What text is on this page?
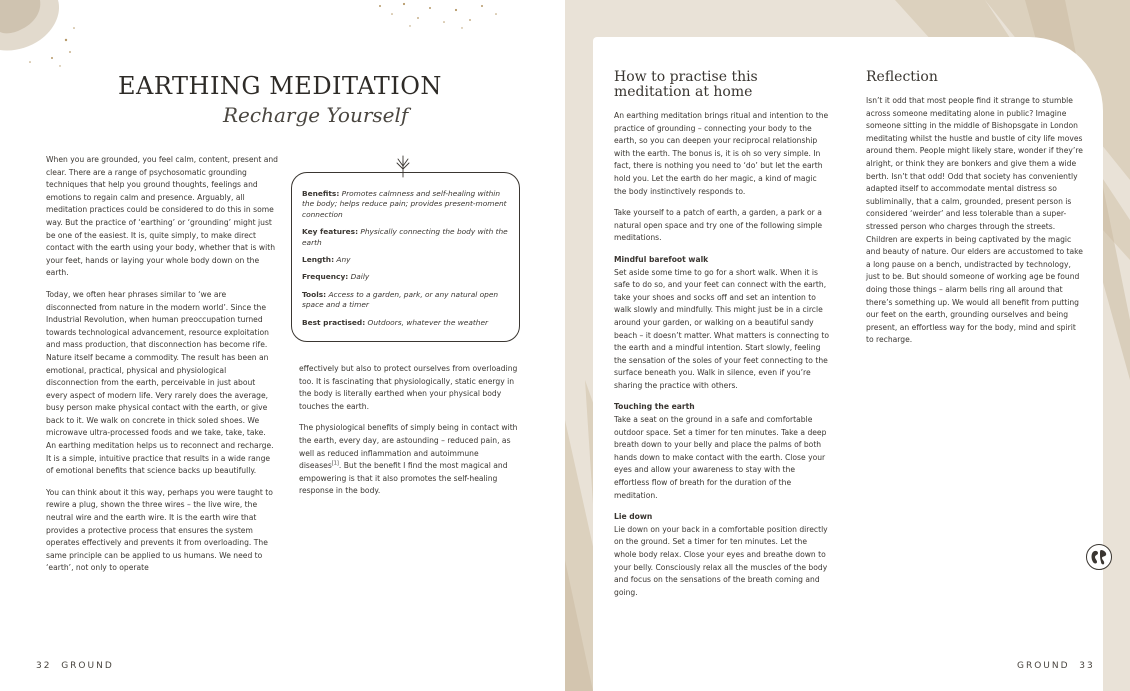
EARTHING MEDITATION
Recharge Yourself

When you are grounded, you feel calm, content, present and clear. There are a range of psychosomatic grounding techniques that help you ground thoughts, feelings and emotions to regain calm and presence. Arguably, all meditation practices could be considered to do this in some way. But the practice of ‘earthing’ or ‘grounding’ might just be one of the easiest. It is, quite simply, to make direct contact with the earth using your body, whether that is with your feet, hands or laying your whole body down on the earth.

Today, we often hear phrases similar to ‘we are disconnected from nature in the modern world’. Since the Industrial Revolution, when human preoccupation turned towards technological advancement, resource exploitation and mass production, that disconnection has become rife. Nature itself became a commodity. The result has been an emotional, practical, physical and physiological disconnection from the earth, perceivable in just about every aspect of modern life. Very rarely does the average, busy person make physical contact with the earth, or give back to it. We walk on concrete in thick soled shoes. We microwave ultra-processed foods and we take, take, take. An earthing meditation helps us to reconnect and recharge. It is a simple, intuitive practice that results in a wide range of emotional benefits that science backs up beautifully.

You can think about it this way, perhaps you were taught to rewire a plug, shown the three wires – the live wire, the neutral wire and the earth wire. It is the earth wire that provides a protective process that ensures the system operates effectively and prevents it from overloading. The same principle can be applied to us humans. We need to ‘earth’, not only to operate

Benefits: Promotes calmness and self-healing within the body; helps reduce pain; provides present-moment connection
Key features: Physically connecting the body with the earth
Length: Any
Frequency: Daily
Tools: Access to a garden, park, or any natural open space and a timer
Best practised: Outdoors, whatever the weather

effectively but also to protect ourselves from overloading too. It is fascinating that physiologically, static energy in the body is literally earthed when your physical body touches the earth.

The physiological benefits of simply being in contact with the earth, every day, are astounding – reduced pain, as well as reduced inflammation and autoimmune diseases[1]. But the benefit I find the most magical and empowering is that it also promotes the self-healing response in the body.

32 GROUND
How to practise this meditation at home

An earthing meditation brings ritual and intention to the practice of grounding – connecting your body to the earth, so you can deepen your reciprocal relationship with the earth. The bonus is, it is oh so very simple. In fact, there is nothing you need to ‘do’ but let the earth hold you. Let the earth do her magic, a kind of magic the body instinctively responds to.

Take yourself to a patch of earth, a garden, a park or a natural open space and try one of the following simple meditations.

Mindful barefoot walk
Set aside some time to go for a short walk. When it is safe to do so, and your feet can connect with the earth, take your shoes and socks off and set an intention to walk slowly and mindfully. This might just be in a circle around your garden, or walking on a beautiful sandy beach – it doesn’t matter. What matters is connecting to the earth and a mindful intention. Start slowly, feeling the sensation of the soles of your feet connecting to the surface beneath you. Walk in silence, even if you’re sharing the practice with others.

Touching the earth
Take a seat on the ground in a safe and comfortable outdoor space. Set a timer for ten minutes. Take a deep breath down to your belly and place the palms of both hands down to make contact with the earth. Close your eyes and allow your awareness to stay with the effortless flow of breath for the duration of the meditation.

Lie down
Lie down on your back in a comfortable position directly on the ground. Set a timer for ten minutes. Let the whole body relax. Close your eyes and breathe down to your belly. Consciously relax all the muscles of the body and focus on the sensations of the breath coming and going.

Reflection

Isn’t it odd that most people find it strange to stumble across someone meditating alone in public? Imagine someone sitting in the middle of Bishopsgate in London meditating whilst the hustle and bustle of city life moves around them. People might likely stare, wonder if they’re alright, or think they are bonkers and give them a wide berth. Isn’t that odd! Odd that society has conveniently adapted itself to accommodate mental distress so subliminally, that a calm, grounded, present person is considered ‘weirder’ and less tolerable than a super-stressed person who charges through the streets. Children are experts in being captivated by the magic and beauty of nature. Our elders are accustomed to take a long pause on a bench, undistracted by technology, just to be. But should someone of working age be found doing those things – alarm bells ring all around that there’s something up. We would all benefit from putting our feet on the earth, grounding ourselves and being present, an effortless way for the body, mind and spirit to recharge.

GROUND 33
